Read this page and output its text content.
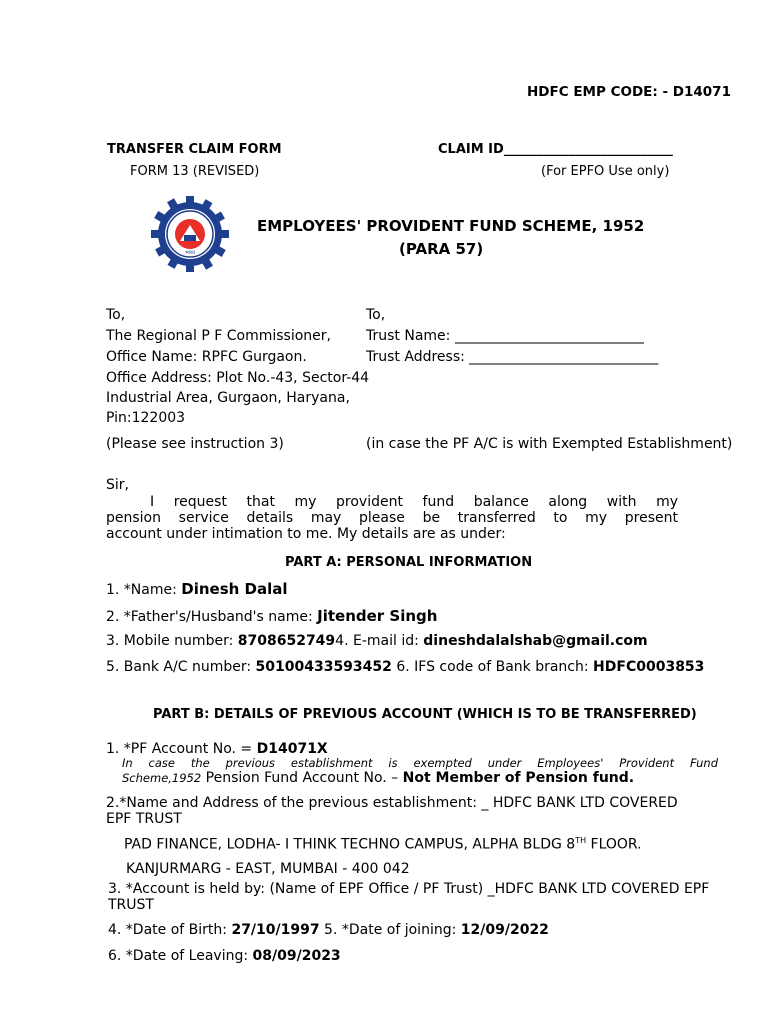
HDFC EMP CODE: - D14071
TRANSFER CLAIM FORM
FORM 13 (REVISED)
CLAIM ID__________________________
(For EPFO Use only)
भारत
EMPLOYEES' PROVIDENT FUND SCHEME, 1952
(PARA 57)
To,
The Regional P F Commissioner,
Office Name: RPFC Gurgaon.
Office Address: Plot No.-43, Sector-44
Industrial Area, Gurgaon, Haryana,
Pin:122003
(Please see instruction 3)
To,
Trust Name: ___________________________
Trust Address: ___________________________
(in case the PF A/C is with Exempted Establishment)
Sir,
I request that my provident fund balance along with my
pension service details may please be transferred to my present
account under intimation to me. My details are as under:
PART A: PERSONAL INFORMATION
1. *Name: Dinesh Dalal
2. *Father's/Husband's name: Jitender Singh
3. Mobile number: 87086527494. E-mail id: dineshdalalshab@gmail.com
5. Bank A/C number: 50100433593452 6. IFS code of Bank branch: HDFC0003853
PART B: DETAILS OF PREVIOUS ACCOUNT (WHICH IS TO BE TRANSFERRED)
1. *PF Account No. = D14071X
In case the previous establishment is exempted under Employees' Provident Fund
Scheme,1952 Pension Fund Account No. – Not Member of Pension fund.
2.*Name and Address of the previous establishment: _ HDFC BANK LTD COVERED
EPF TRUST
PAD FINANCE, LODHA- I THINK TECHNO CAMPUS, ALPHA BLDG 8TH FLOOR.
KANJURMARG - EAST, MUMBAI - 400 042
3. *Account is held by: (Name of EPF Office / PF Trust) _HDFC BANK LTD COVERED EPF
TRUST
4. *Date of Birth: 27/10/1997 5. *Date of joining: 12/09/2022
6. *Date of Leaving: 08/09/2023
